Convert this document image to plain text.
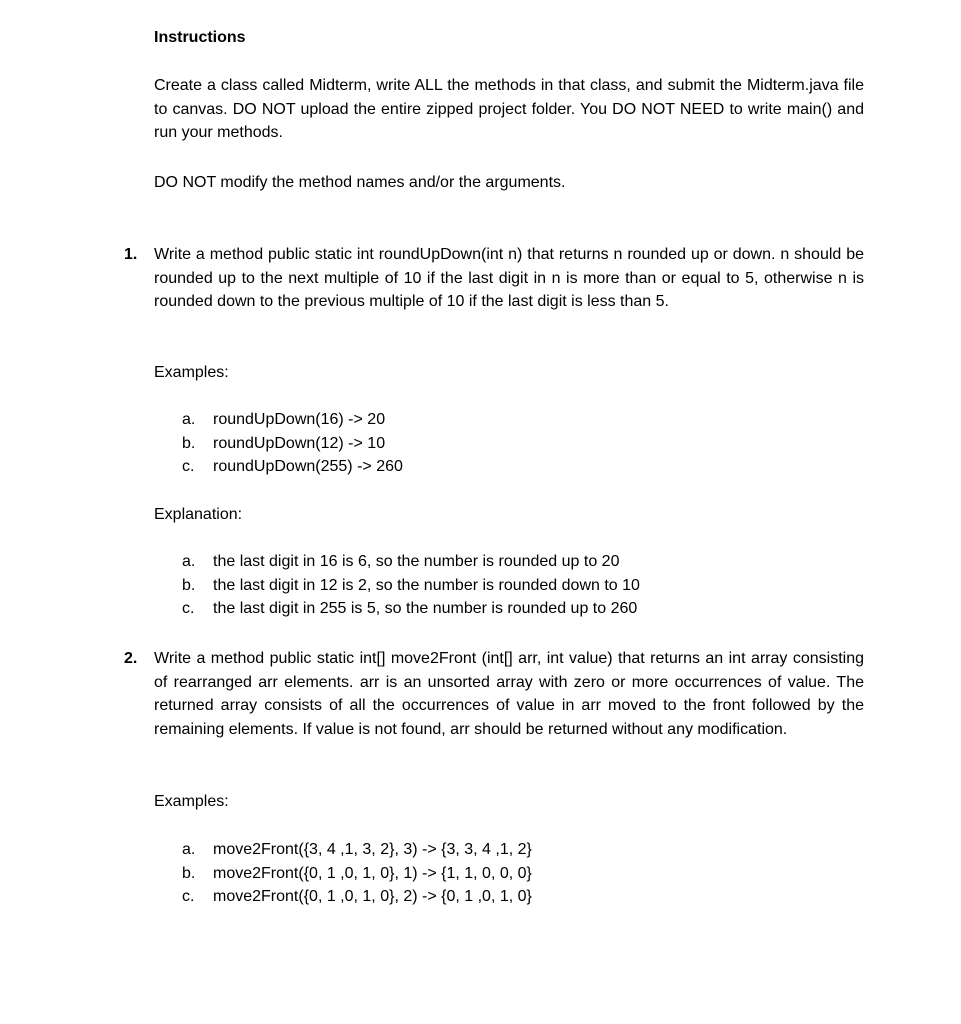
Instructions
Create a class called Midterm, write ALL the methods in that class, and submit the Midterm.java file to canvas. DO NOT upload the entire zipped project folder. You DO NOT NEED to write main() and run your methods.
DO NOT modify the method names and/or the arguments.
1. Write a method public static int roundUpDown(int n) that returns n rounded up or down. n should be rounded up to the next multiple of 10 if the last digit in n is more than or equal to 5, otherwise n is rounded down to the previous multiple of 10 if the last digit is less than 5.
Examples:
a. roundUpDown(16) -> 20
b. roundUpDown(12) -> 10
c. roundUpDown(255) -> 260
Explanation:
a. the last digit in 16 is 6, so the number is rounded up to 20
b. the last digit in 12 is 2, so the number is rounded down to 10
c. the last digit in 255 is 5, so the number is rounded up to 260
2. Write a method public static int[] move2Front (int[] arr, int value) that returns an int array consisting of rearranged arr elements. arr is an unsorted array with zero or more occurrences of value. The returned array consists of all the occurrences of value in arr moved to the front followed by the remaining elements. If value is not found, arr should be returned without any modification.
Examples:
a. move2Front({3, 4 ,1, 3, 2}, 3) -> {3, 3, 4 ,1, 2}
b. move2Front({0, 1 ,0, 1, 0}, 1) -> {1, 1, 0, 0, 0}
c. move2Front({0, 1 ,0, 1, 0}, 2) -> {0, 1 ,0, 1, 0}
